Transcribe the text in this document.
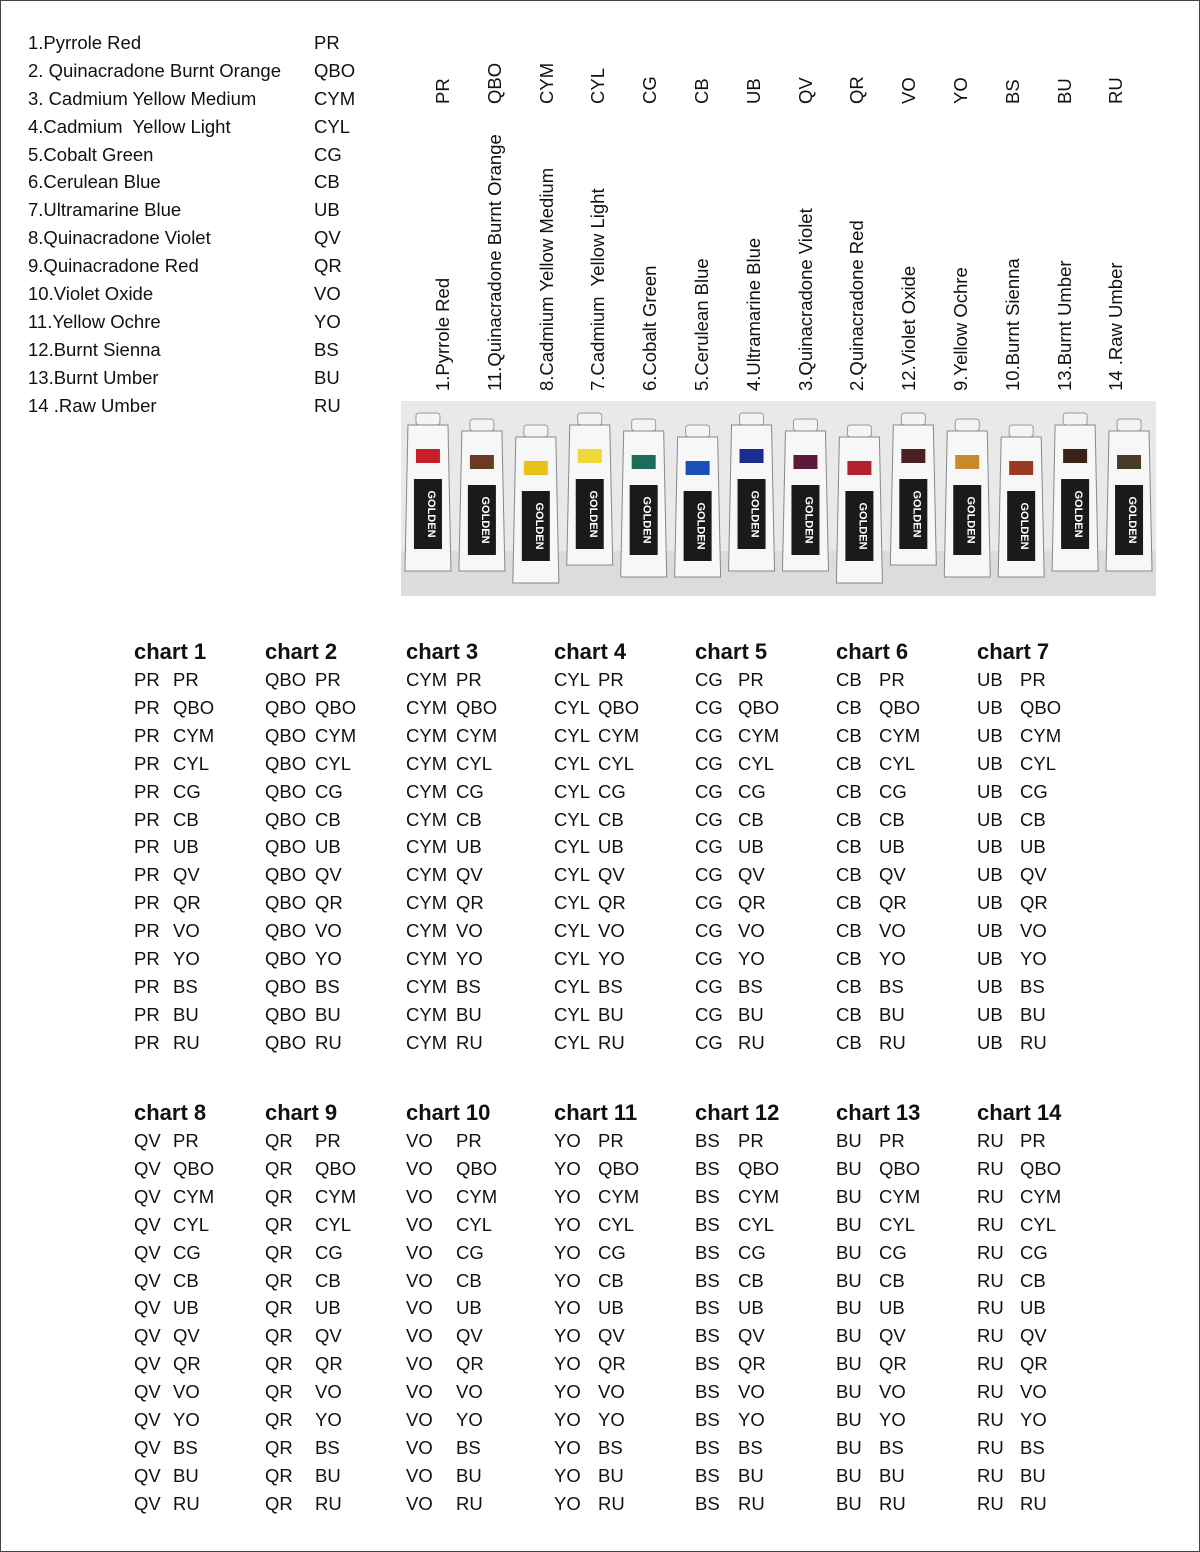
1.Pyrrole Red	PR
2. Quinacradone Burnt Orange QBO
3. Cadmium Yellow Medium	CYM
4.Cadmium  Yellow Light	CYL
5.Cobalt Green	CG
6.Cerulean Blue	CB
7.Ultramarine Blue	UB
8.Quinacradone Violet	QV
9.Quinacradone Red	QR
10.Violet Oxide	VO
11.Yellow Ochre	YO
12.Burnt Sienna	BS
13.Burnt Umber	BU
14 .Raw Umber	RU
PR
1.Pyrrole Red
QBO
11.Quinacradone Burnt Orange
CYM
8.Cadmium Yellow Medium
CYL
7.Cadmium  Yellow Light
CG
6.Cobalt Green
CB
5.Cerulean Blue
UB
4.Ultramarine Blue
QV
3.Quinacradone Violet
QR
2.Quinacradone Red
VO
12.Violet Oxide
YO
9.Yellow Ochre
BS
10.Burnt Sienna
BU
13.Burnt Umber
RU
14 .Raw Umber
GOLDEN	GOLDEN	GOLDEN	GOLDEN	GOLDEN	GOLDEN	GOLDEN	GOLDEN	GOLDEN	GOLDEN	GOLDEN	GOLDEN	GOLDEN	GOLDEN
chart 1
PR PR
PR QBO
PR CYM
PR CYL
PR CG
PR CB
PR UB
PR QV
PR QR
PR VO
PR YO
PR BS
PR BU
PR RU
chart 2
QBO PR
QBO QBO
QBO CYM
QBO CYL
QBO CG
QBO CB
QBO UB
QBO QV
QBO QR
QBO VO
QBO YO
QBO BS
QBO BU
QBO RU
chart 3
CYM PR
CYM QBO
CYM CYM
CYM CYL
CYM CG
CYM CB
CYM UB
CYM QV
CYM QR
CYM VO
CYM YO
CYM BS
CYM BU
CYM RU
chart 4
CYL PR
CYL QBO
CYL CYM
CYL CYL
CYL CG
CYL CB
CYL UB
CYL QV
CYL QR
CYL VO
CYL YO
CYL BS
CYL BU
CYL RU
chart 5
CG PR
CG QBO
CG CYM
CG CYL
CG CG
CG CB
CG UB
CG QV
CG QR
CG VO
CG YO
CG BS
CG BU
CG RU
chart 6
CB PR
CB QBO
CB CYM
CB CYL
CB CG
CB CB
CB UB
CB QV
CB QR
CB VO
CB YO
CB BS
CB BU
CB RU
chart 7
UB PR
UB QBO
UB CYM
UB CYL
UB CG
UB CB
UB UB
UB QV
UB QR
UB VO
UB YO
UB BS
UB BU
UB RU
chart 8
QV PR
QV QBO
QV CYM
QV CYL
QV CG
QV CB
QV UB
QV QV
QV QR
QV VO
QV YO
QV BS
QV BU
QV RU
chart 9
QR PR
QR QBO
QR CYM
QR CYL
QR CG
QR CB
QR UB
QR QV
QR QR
QR VO
QR YO
QR BS
QR BU
QR RU
chart 10
VO PR
VO QBO
VO CYM
VO CYL
VO CG
VO CB
VO UB
VO QV
VO QR
VO VO
VO YO
VO BS
VO BU
VO RU
chart 11
YO PR
YO QBO
YO CYM
YO CYL
YO CG
YO CB
YO UB
YO QV
YO QR
YO VO
YO YO
YO BS
YO BU
YO RU
chart 12
BS PR
BS QBO
BS CYM
BS CYL
BS CG
BS CB
BS UB
BS QV
BS QR
BS VO
BS YO
BS BS
BS BU
BS RU
chart 13
BU PR
BU QBO
BU CYM
BU CYL
BU CG
BU CB
BU UB
BU QV
BU QR
BU VO
BU YO
BU BS
BU BU
BU RU
chart 14
RU PR
RU QBO
RU CYM
RU CYL
RU CG
RU CB
RU UB
RU QV
RU QR
RU VO
RU YO
RU BS
RU BU
RU RU
